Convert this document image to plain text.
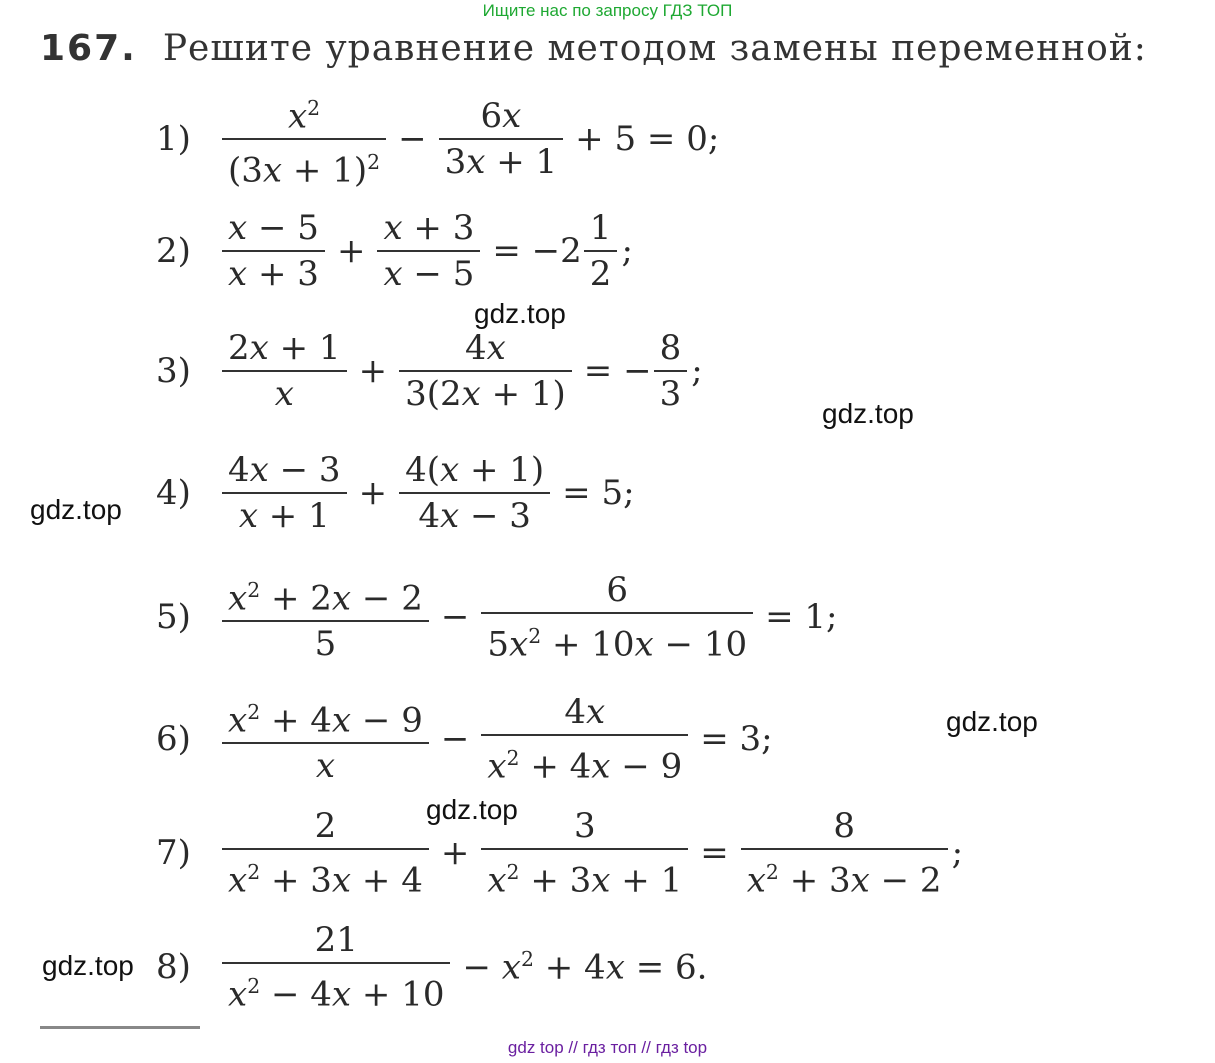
Ищите нас по запросу ГДЗ ТОП
167. Решите уравнение методом замены переменной:
$1) \frac{x^2}{(3x + 1)^2} - \frac{6x}{3x + 1} + 5 = 0$;
$2) \frac{x - 5}{x + 3} + \frac{x + 3}{x - 5} = -2 \frac{1}{2}$ ;
$3) \frac{2x + 1}{x} + \frac{4x}{3(2x + 1)}$ = − $\frac{8}{3}$ ;
$4) \frac{4x - 3}{x + 1} + \frac{4(x + 1)}{4x - 3} = 5$;
$5) \frac{x^2 + 2x - 2}{5} - \frac{6}{5x^2 + 10x - 10} = 1$;
$6) \frac{x^2 + 4x - 9}{x} - \frac{4x}{x^2 + 4x - 9} = 3$;
$7) \frac{2}{x^2 + 3x + 4} + \frac{3}{x^2 + 3x + 1} = \frac{8}{x^2 + 3x - 2}$ ;
$8) \frac{21}{x^2 - 4x + 10} - x^2 + 4x = 6$.
gdz.top
gdz.top
gdz.top
gdz.top
gdz.top
gdz.top
gdz top // гдз топ // гдз top
